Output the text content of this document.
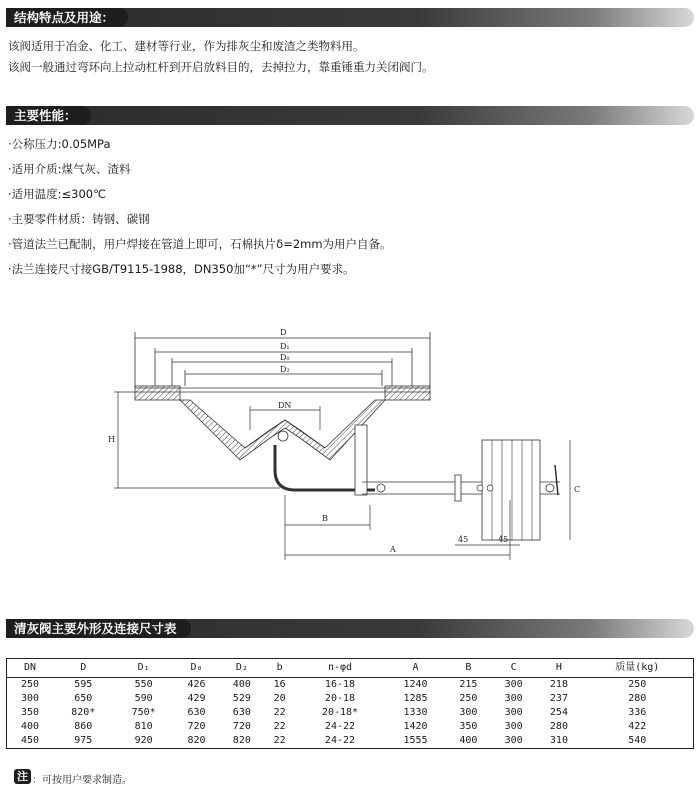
结构特点及用途：
该阀适用于冶金、化工、建材等行业，作为排灰尘和废渣之类物料用。
该阀一般通过弯环向上拉动杠杆到开启放料目的，去掉拉力，靠重锤重力关闭阀门。
主要性能：
·公称压力:0.05MPa
·适用介质:煤气灰、渣料
·适用温度:≤300℃
·主要零件材质：铸钢、碳钢
·管道法兰已配制，用户焊接在管道上即可，石棉执片δ=2mm为用户自备。
·法兰连接尺寸接GB/T9115-1988，DN350加“*”尺寸为用户要求。
D
D₁
D₀
D₂
DN
H
B
A
C
45	45
清灰阀主要外形及连接尺寸表
DN	D	D₁	D₀	D₂	b	n-φd	A	B	C	H	质量(kg)
250	595	550	426	400	16	16-18	1240	215	300	218	250
300	650	590	429	529	20	20-18	1285	250	300	237	280
350	820*	750*	630	630	22	20-18*	1330	300	300	254	336
400	860	810	720	720	22	24-22	1420	350	300	280	422
450	975	920	820	820	22	24-22	1555	400	300	310	540
注 ：可按用户要求制造。
